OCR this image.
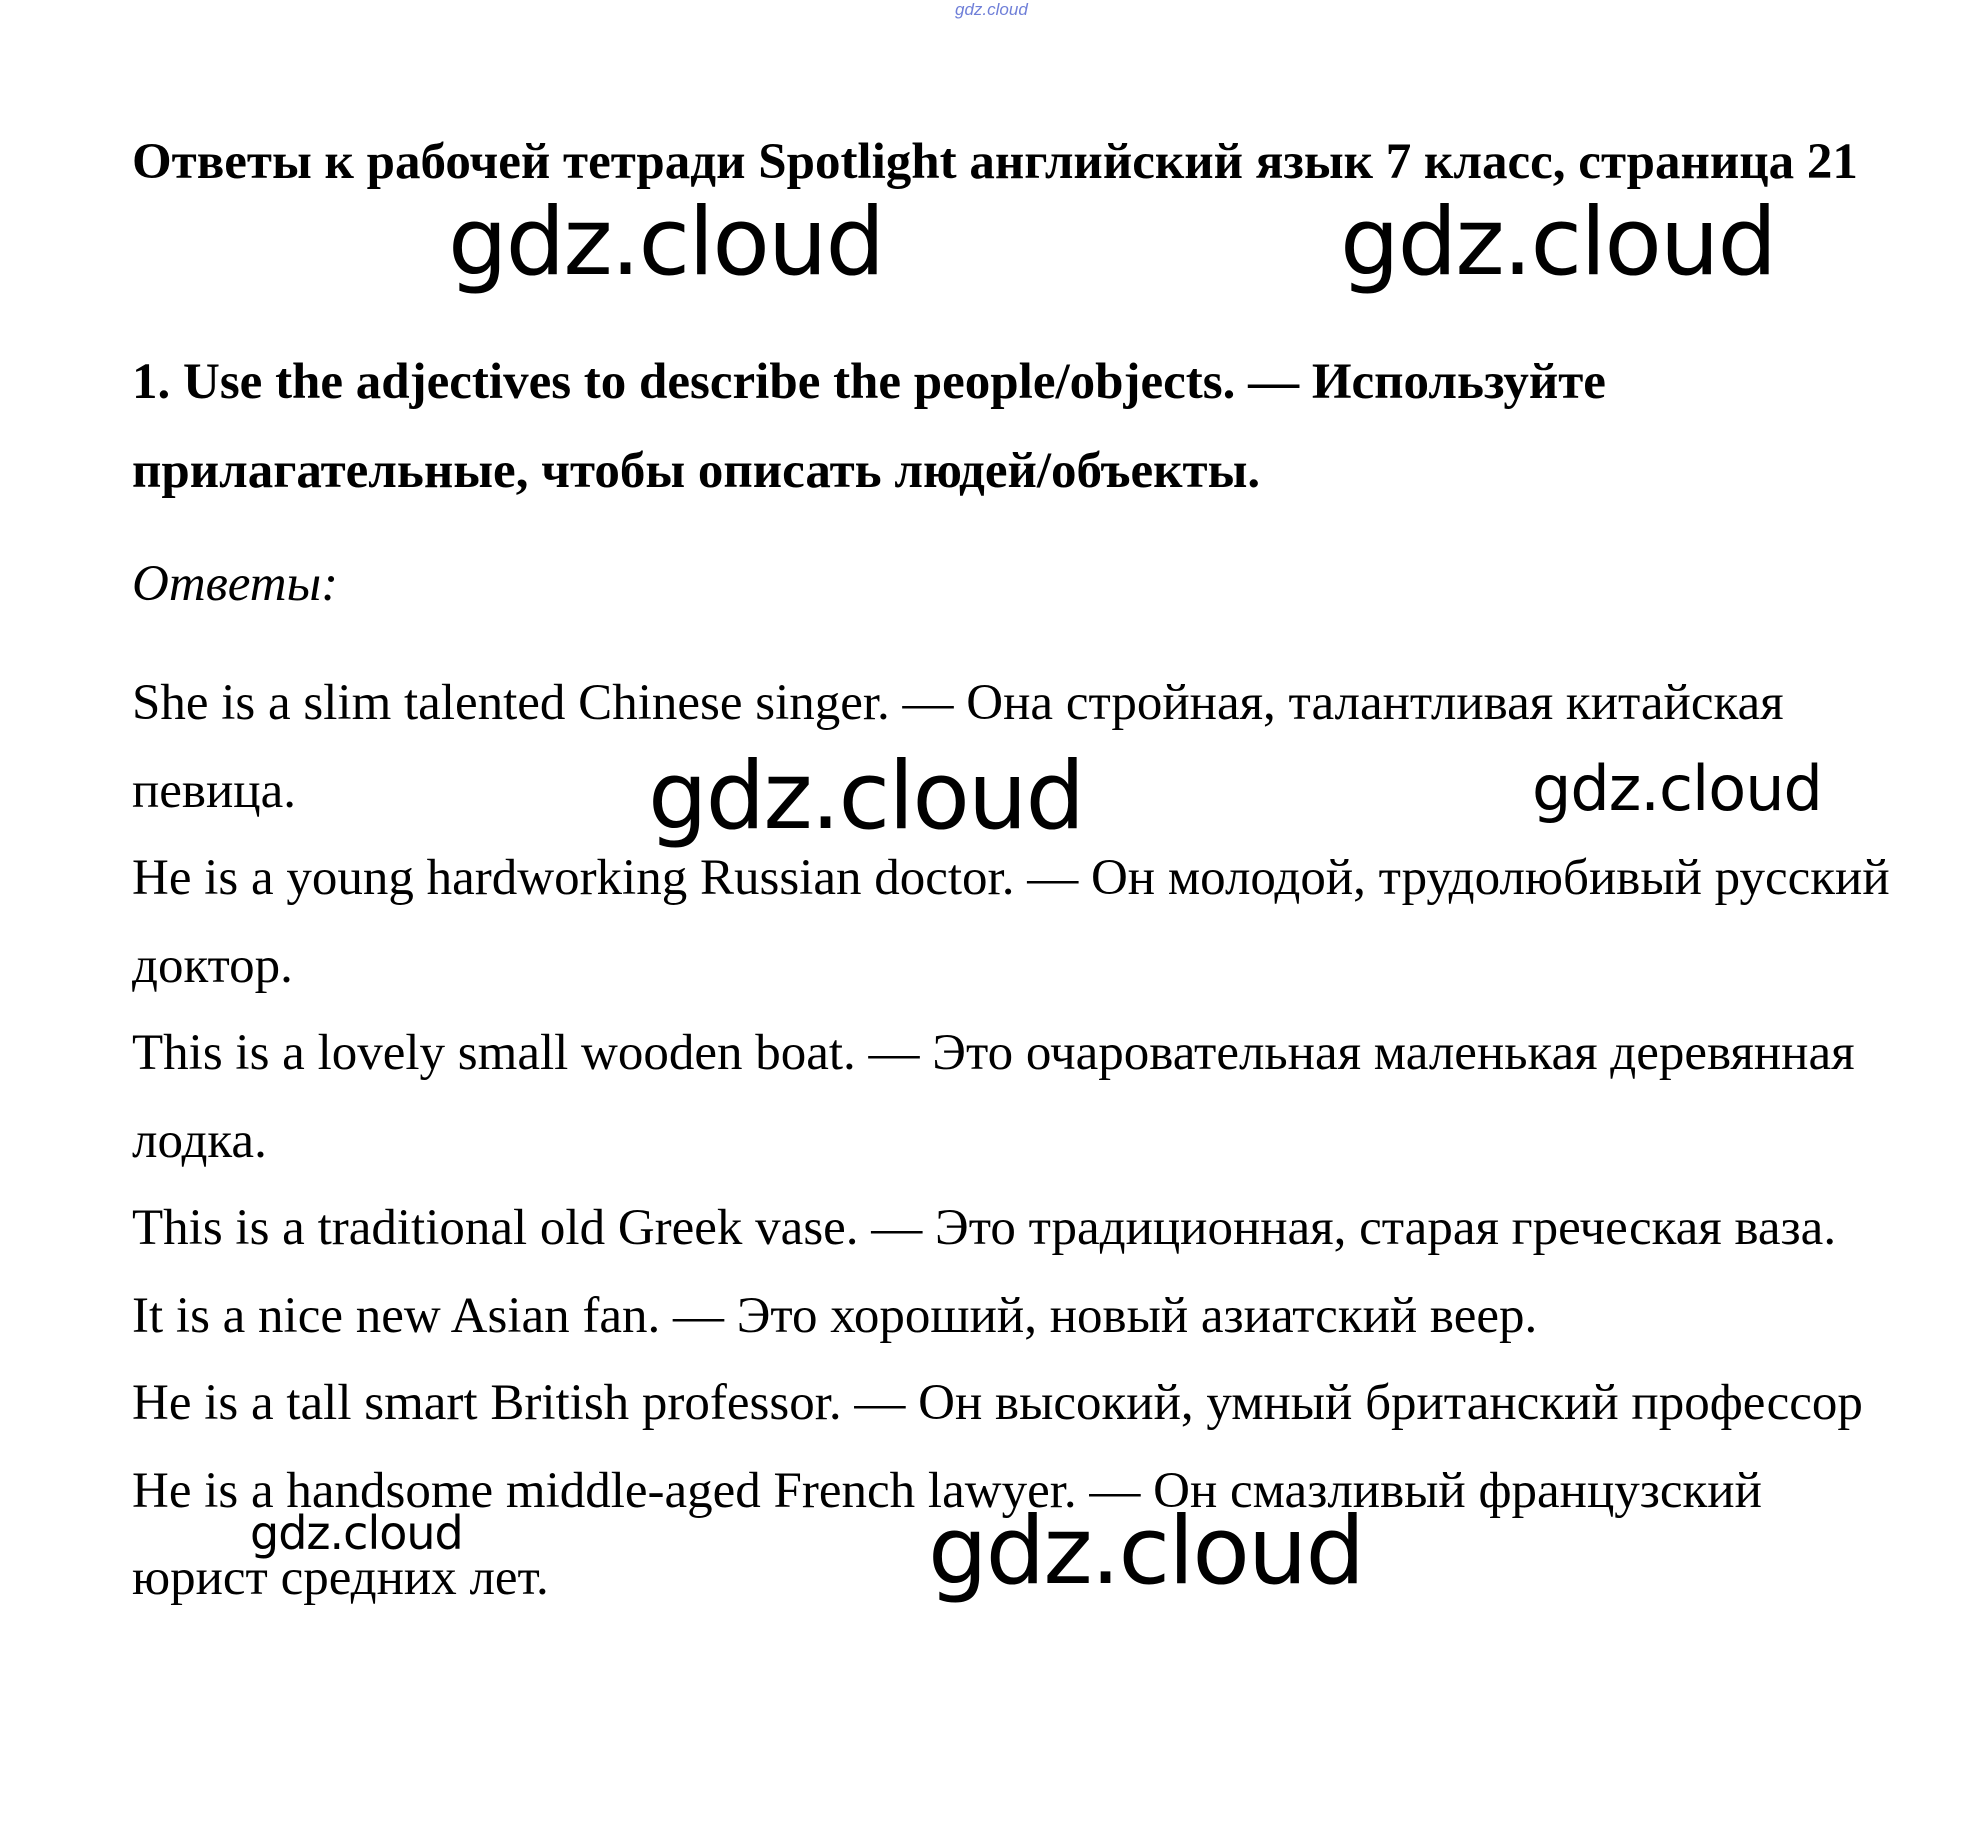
gdz.cloud
Ответы к рабочей тетради Spotlight английский язык 7 класс, страница 21
1. Use the adjectives to describe the people/objects. — Используйте прилагательные, чтобы описать людей/объекты.
Ответы:

She is a slim talented Chinese singer. — Она стройная, талантливая китайская певица.

He is a young hardworking Russian doctor. — Он молодой, трудолюбивый русский доктор.

This is a lovely small wooden boat. — Это очаровательная маленькая деревянная лодка.

This is a traditional old Greek vase. — Это традиционная, старая греческая ваза.

It is a nice new Asian fan. — Это хороший, новый азиатский веер.

He is a tall smart British professor. — Он высокий, умный британский профессор

He is a handsome middle-aged French lawyer. — Он смазливый французский юрист средних лет.

gdz.cloud	gdz.cloud
gdz.cloud	gdz.cloud
gdz.cloud	gdz.cloud
